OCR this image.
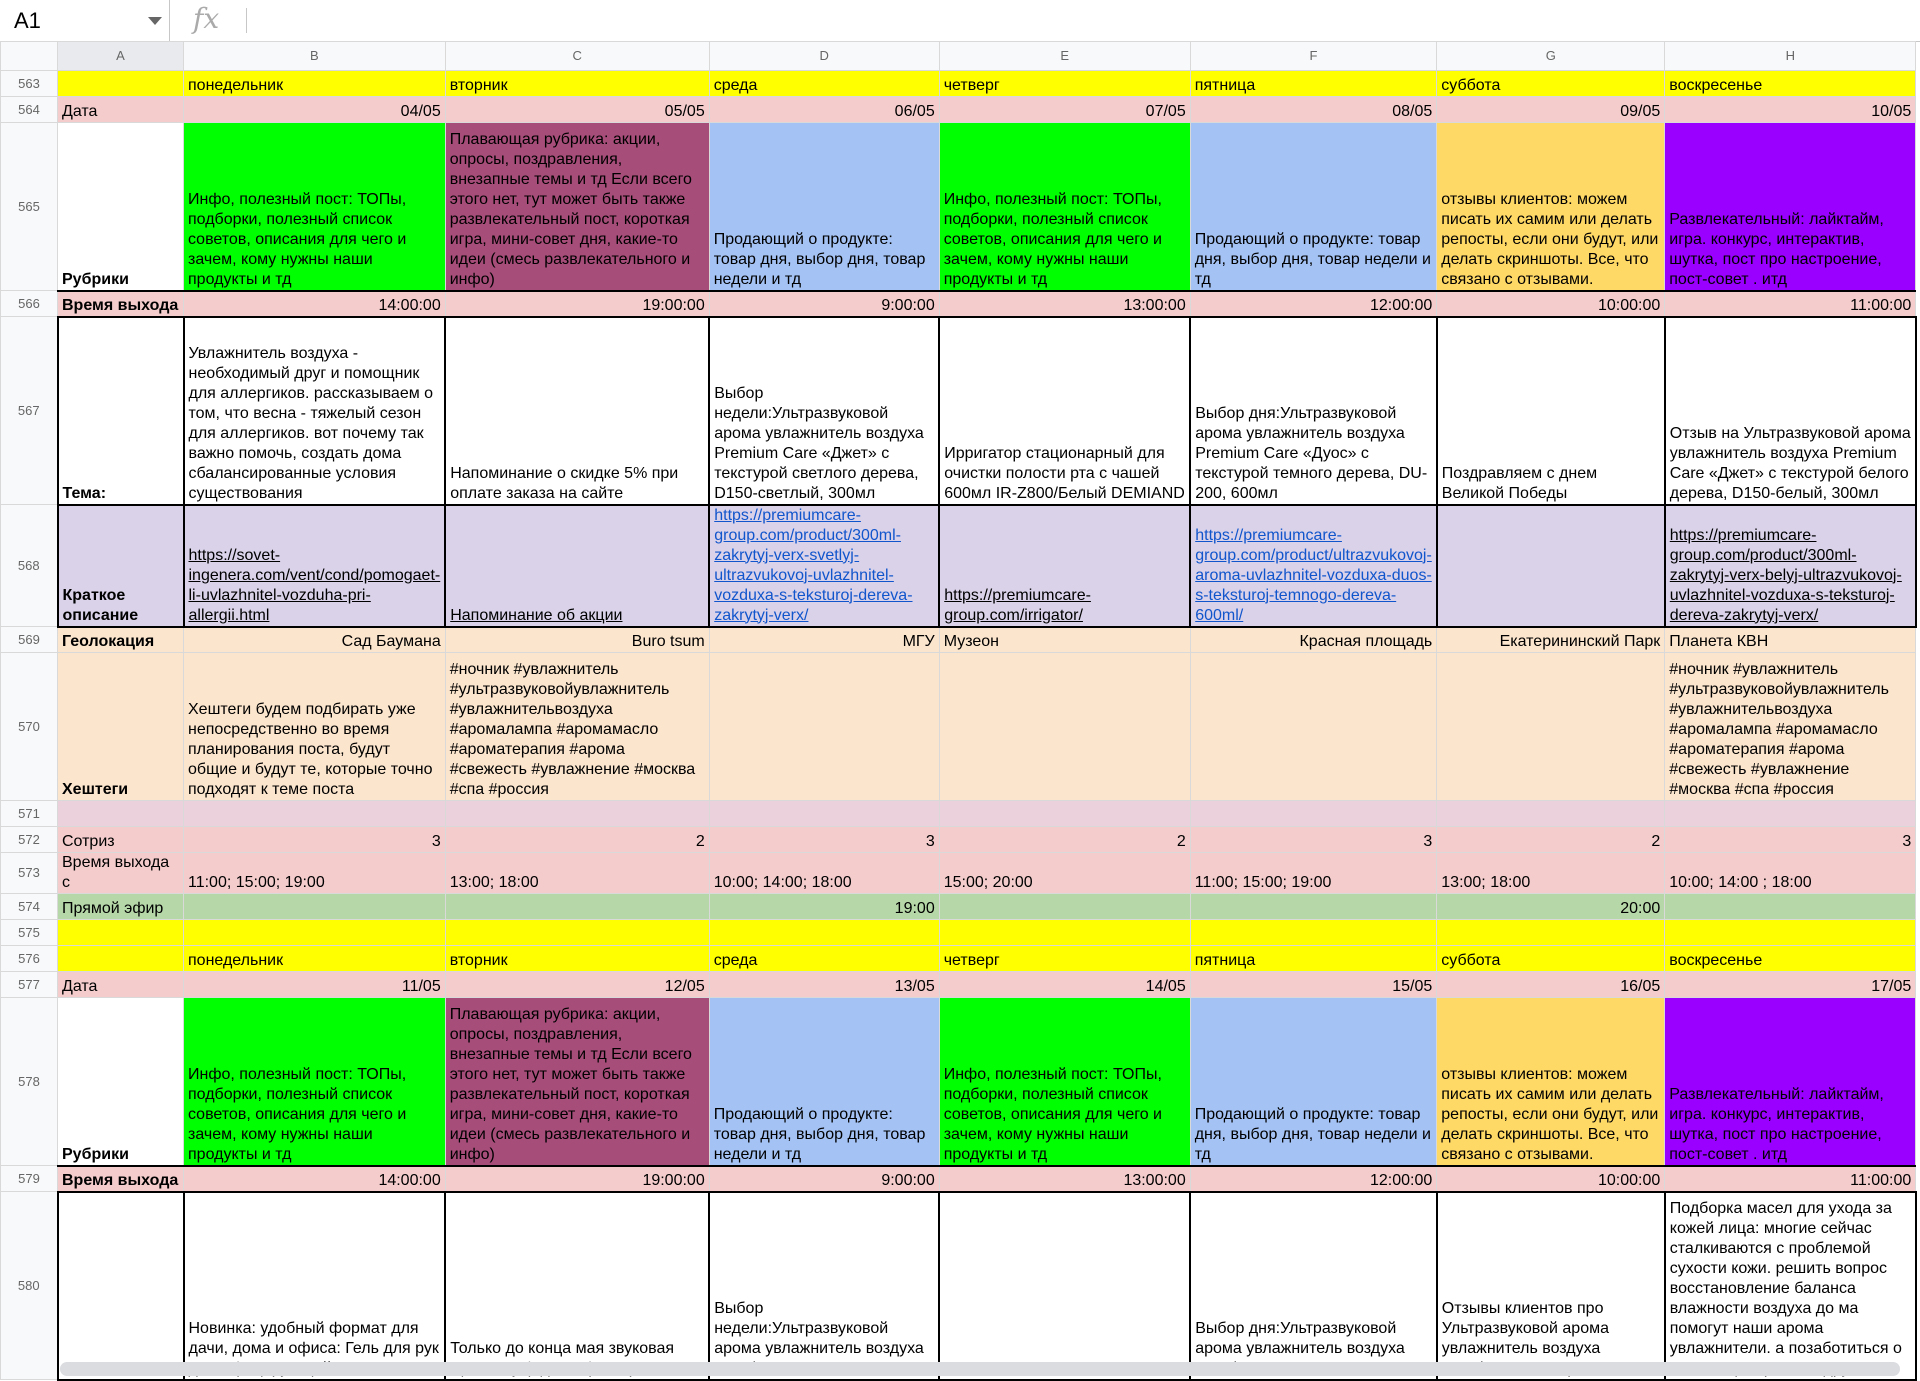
A1	fx
	A	B	C	D	E	F	G	H
563		понедельник	вторник	среда	четверг	пятница	суббота	воскресенье
564	Дата	04/05	05/05	06/05	07/05	08/05	09/05	10/05
565	Рубрики	Инфо, полезный пост: ТОПы, подборки, полезный список советов, описания для чего и зачем, кому нужны наши продукты и тд	Плавающая рубрика: акции, опросы, поздравления, внезапные темы и тд Если всего этого нет, тут может быть также развлекательный пост, короткая игра, мини-совет дня, какие-то идеи (смесь развлекательного и инфо)	Продающий о продукте: товар дня, выбор дня, товар недели и тд	Инфо, полезный пост: ТОПы, подборки, полезный список советов, описания для чего и зачем, кому нужны наши продукты и тд	Продающий о продукте: товар дня, выбор дня, товар недели и тд	отзывы клиентов: можем писать их самим или делать репосты, если они будут, или делать скриншоты. Все, что связано с отзывами.	Развлекательный: лайктайм, игра. конкурс, интерактив, шутка, пост про настроение, пост-совет . итд
566	Время выхода	14:00:00	19:00:00	9:00:00	13:00:00	12:00:00	10:00:00	11:00:00
567	Тема:	Увлажнитель воздуха - необходимый друг и помощник для аллергиков. рассказываем о том, что весна - тяжелый сезон для аллергиков. вот почему так важно помочь, создать дома сбалансированные условия существования	Напоминание о скидке 5% при оплате заказа на сайте	Выбор недели:Ультразвуковой арома увлажнитель воздуха Premium Care «Джет» с текстурой светлого дерева, D150-светлый, 300мл	Ирригатор стационарный для очистки полости рта с чашей 600мл IR-Z800/Белый DEMIAND	Выбор дня:Ультразвуковой арома увлажнитель воздуха Premium Care «Дуос» с текстурой темного дерева, DU-200, 600мл	Поздравляем с днем Великой Победы	Отзыв на Ультразвуковой арома увлажнитель воздуха Premium Care «Джет» с текстурой белого дерева, D150-белый, 300мл
568	Краткое описание	https://sovet-ingenera.com/vent/cond/pomogaet-li-uvlazhnitel-vozduha-pri-allergii.html	Напоминание об акции	https://premiumcare-group.com/product/300ml-zakrytyj-verx-svetlyj-ultrazvukovoj-uvlazhnitel-vozduxa-s-teksturoj-dereva-zakrytyj-verx/	https://premiumcare-group.com/irrigator/	https://premiumcare-group.com/product/ultrazvukovoj-aroma-uvlazhnitel-vozduxa-duos-s-teksturoj-temnogo-dereva-600ml/		https://premiumcare-group.com/product/300ml-zakrytyj-verx-belyj-ultrazvukovoj-uvlazhnitel-vozduxa-s-teksturoj-dereva-zakrytyj-verx/
569	Геолокация	Сад Баумана	Buro tsum	МГУ	Музеон	Красная площадь	Екатерининский Парк	Планета КВН
570	Хештеги	Хештеги будем подбирать уже непосредственно во время планирования поста, будут общие и будут те, которые точно подходят к теме поста	#ночник #увлажнитель #ультразвуковойувлажнитель #увлажнительвоздуха #аромалампа #аромамасло #ароматерапия #арома #свежесть #увлажнение #москва #спа #россия					#ночник #увлажнитель #ультразвуковойувлажнитель #увлажнительвоздуха #аромалампа #аромамасло #ароматерапия #арома #свежесть #увлажнение #москва #спа #россия
571								
572	Сотриз	3	2	3	2	3	2	3
573	Время выхода с	11:00; 15:00; 19:00	13:00; 18:00	10:00; 14:00; 18:00	15:00; 20:00	11:00; 15:00; 19:00	13:00; 18:00	10:00; 14:00 ; 18:00
574	Прямой эфир			19:00			20:00	
575								
576		понедельник	вторник	среда	четверг	пятница	суббота	воскресенье
577	Дата	11/05	12/05	13/05	14/05	15/05	16/05	17/05
578	Рубрики	Инфо, полезный пост: ТОПы, подборки, полезный список советов, описания для чего и зачем, кому нужны наши продукты и тд	Плавающая рубрика: акции, опросы, поздравления, внезапные темы и тд Если всего этого нет, тут может быть также развлекательный пост, короткая игра, мини-совет дня, какие-то идеи (смесь развлекательного и инфо)	Продающий о продукте: товар дня, выбор дня, товар недели и тд	Инфо, полезный пост: ТОПы, подборки, полезный список советов, описания для чего и зачем, кому нужны наши продукты и тд	Продающий о продукте: товар дня, выбор дня, товар недели и тд	отзывы клиентов: можем писать их самим или делать репосты, если они будут, или делать скриншоты. Все, что связано с отзывами.	Развлекательный: лайктайм, игра. конкурс, интерактив, шутка, пост про настроение, пост-совет . итд
579	Время выхода	14:00:00	19:00:00	9:00:00	13:00:00	12:00:00	10:00:00	11:00:00
580		Новинка: удобный формат для дачи, дома и офиса: Гель для рук	Только до конца мая звуковая	Выбор недели:Ультразвуковой арома увлажнитель воздуха		Выбор дня:Ультразвуковой арома увлажнитель воздуха	Отзывы клиентов про Ультразвуковой арома увлажнитель воздуха	Подборка масел для ухода за кожей лица: многие сейчас сталкиваются с проблемой сухости кожи. решить вопрос восстановление баланса влажности воздуха до ма помогут наши арома увлажнители. а позаботиться о
